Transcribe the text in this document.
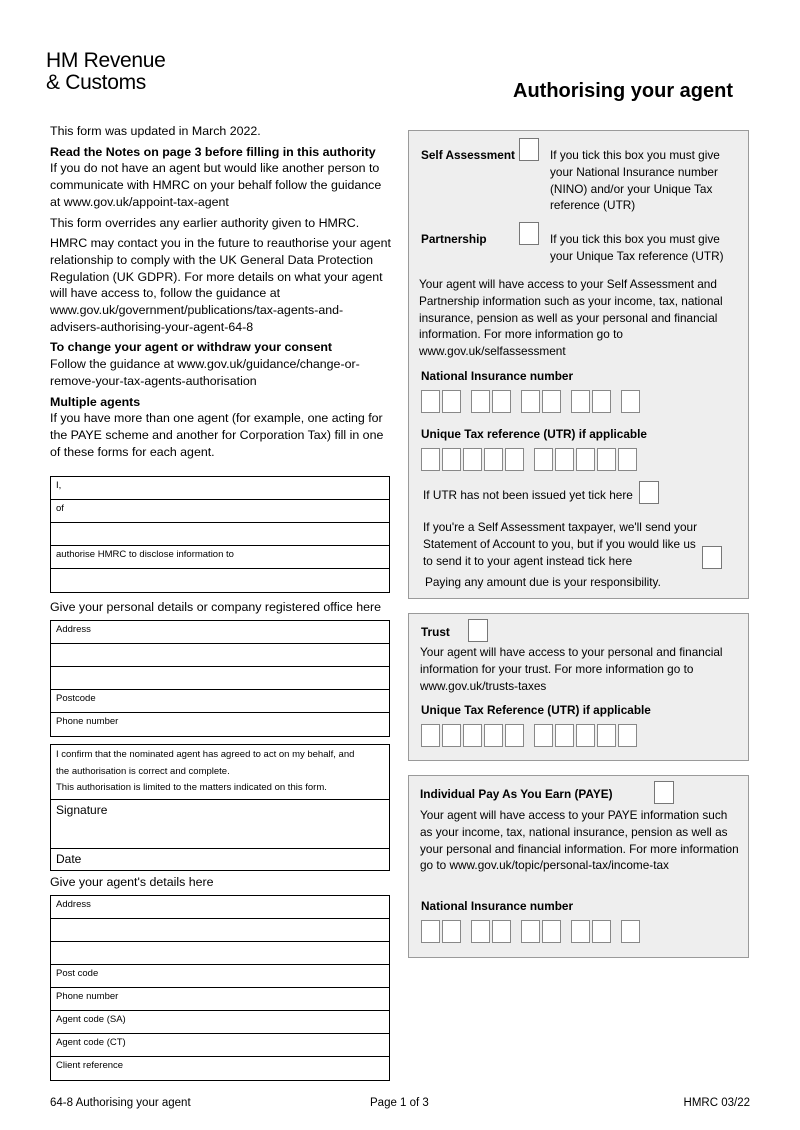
HM Revenue
& Customs	Authorising your agent

This form was updated in March 2022.

Read the Notes on page 3 before filling in this authority

If you do not have an agent but would like another person to communicate with HMRC on your behalf follow the guidance at www.gov.uk/appoint-tax-agent

This form overrides any earlier authority given to HMRC.

HMRC may contact you in the future to reauthorise your agent relationship to comply with the UK General Data Protection Regulation (UK GDPR). For more details on what your agent will have access to, follow the guidance at www.gov.uk/government/publications/tax-agents-and-advisers-authorising-your-agent-64-8

To change your agent or withdraw your consent

Follow the guidance at www.gov.uk/guidance/change-or-remove-your-tax-agents-authorisation

Multiple agents

If you have more than one agent (for example, one acting for the PAYE scheme and another for Corporation Tax) fill in one of these forms for each agent.

I,
of
authorise HMRC to disclose information to
Give your personal details or company registered office here
Address
Postcode
Phone number
I confirm that the nominated agent has agreed to act on my behalf, and
the authorisation is correct and complete.
This authorisation is limited to the matters indicated on this form.
Signature
Date
Give your agent's details here
Address
Post code
Phone number
Agent code (SA)
Agent code (CT)
Client reference
Self Assessment	If you tick this box you must give your National Insurance number (NINO) and/or your Unique Tax reference (UTR)
Partnership	If you tick this box you must give your Unique Tax reference (UTR)
Your agent will have access to your Self Assessment and Partnership information such as your income, tax, national insurance, pension as well as your personal and financial information. For more information go to www.gov.uk/selfassessment
National Insurance number
Unique Tax reference (UTR) if applicable
If UTR has not been issued yet tick here
If you're a Self Assessment taxpayer, we'll send your Statement of Account to you, but if you would like us to send it to your agent instead tick here
Paying any amount due is your responsibility.
Trust
Your agent will have access to your personal and financial information for your trust. For more information go to www.gov.uk/trusts-taxes
Unique Tax Reference (UTR) if applicable
Individual Pay As You Earn (PAYE)
Your agent will have access to your PAYE information such as your income, tax, national insurance, pension as well as your personal and financial information. For more information go to www.gov.uk/topic/personal-tax/income-tax
National Insurance number
64-8 Authorising your agent	Page 1 of 3	HMRC 03/22
